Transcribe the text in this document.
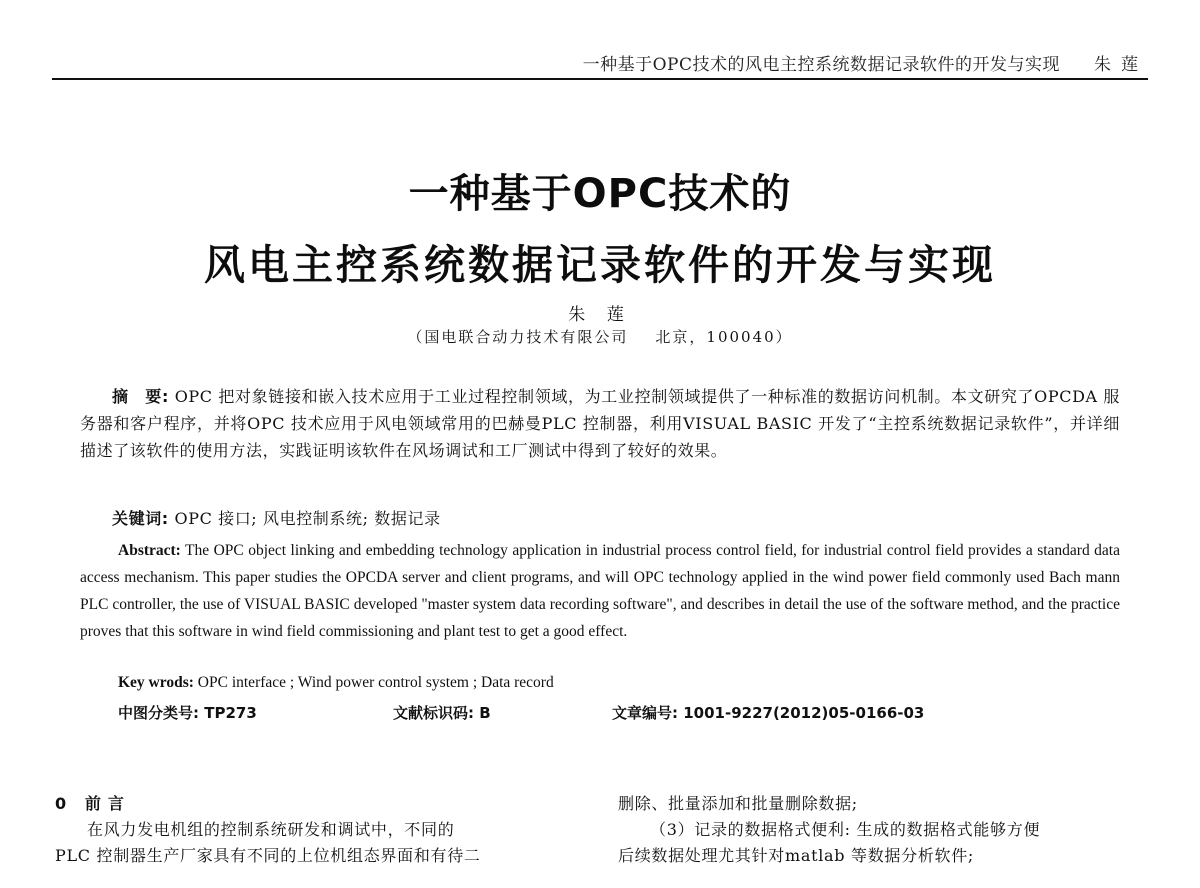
一种基于OPC技术的风电主控系统数据记录软件的开发与实现 朱莲
一种基于OPC技术的
风电主控系统数据记录软件的开发与实现
朱 莲
（国电联合动力技术有限公司    北京，100040）
摘　要: OPC 把对象链接和嵌入技术应用于工业过程控制领域，为工业控制领域提供了一种标准的数据访问机制。本文研究了OPCDA 服务器和客户程序，并将OPC 技术应用于风电领域常用的巴赫曼PLC 控制器，利用VISUAL BASIC 开发了“主控系统数据记录软件”，并详细描述了该软件的使用方法，实践证明该软件在风场调试和工厂测试中得到了较好的效果。
关键词: OPC 接口; 风电控制系统; 数据记录
Abstract: The OPC object linking and embedding technology application in industrial process control field, for industrial control field provides a standard data access mechanism. This paper studies the OPCDA server and client programs, and will OPC technology applied in the wind power field commonly used Bach mann PLC controller, the use of VISUAL BASIC developed "master system data recording software", and describes in detail the use of the software method, and the practice proves that this software in wind field commissioning and plant test to get a good effect.
Key wrods: OPC interface ; Wind power control system ; Data record
中图分类号: TP273	文献标识码: B	文章编号: 1001-9227(2012)05-0166-03

0 前 言

在风力发电机组的控制系统研发和调试中，不同的

PLC 控制器生产厂家具有不同的上位机组态界面和有待二

删除、批量添加和批量删除数据;

（3）记录的数据格式便利: 生成的数据格式能够方便

后续数据处理尤其针对matlab 等数据分析软件;
